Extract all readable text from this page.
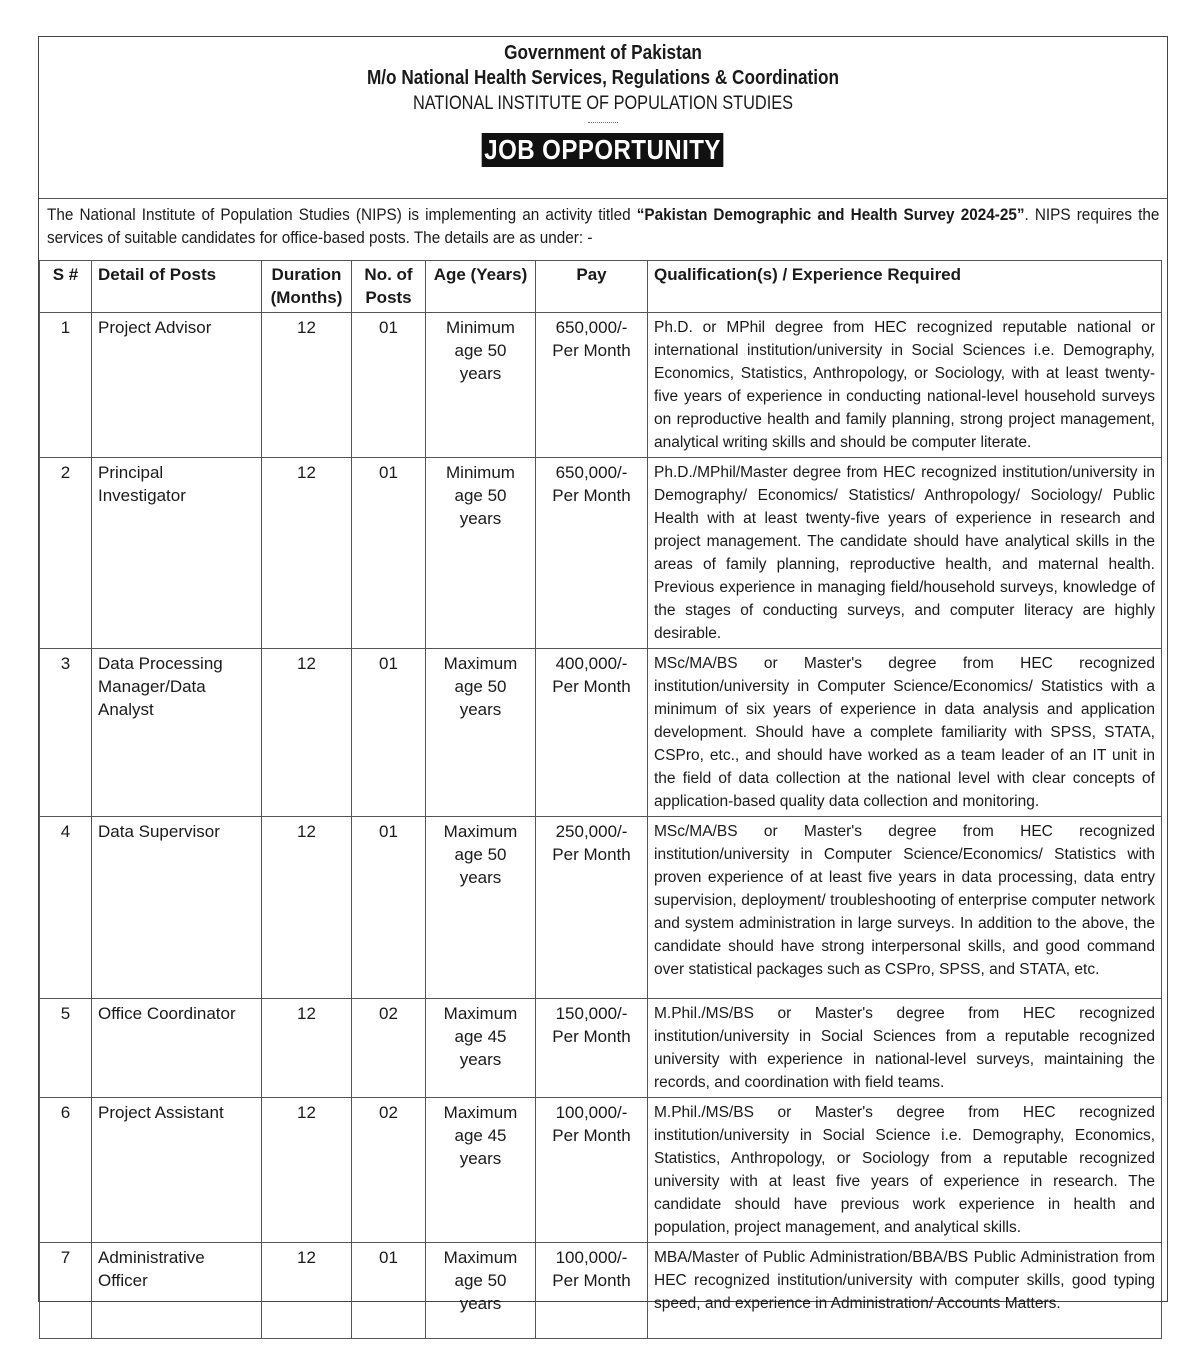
Government of Pakistan
M/o National Health Services, Regulations & Coordination
NATIONAL INSTITUTE OF POPULATION STUDIES
JOB OPPORTUNITY
The National Institute of Population Studies (NIPS) is implementing an activity titled “Pakistan Demographic and Health Survey 2024-25”. NIPS requires the services of suitable candidates for office-based posts. The details are as under: -
S #	Detail of Posts	Duration (Months)	No. of Posts	Age (Years)	Pay	Qualification(s) / Experience Required
1	Project Advisor	12	01	Minimum age 50 years	650,000/- Per Month	Ph.D. or MPhil degree from HEC recognized reputable national or international institution/university in Social Sciences i.e. Demography, Economics, Statistics, Anthropology, or Sociology, with at least twenty-five years of experience in conducting national-level household surveys on reproductive health and family planning, strong project management, analytical writing skills and should be computer literate.
2	Principal Investigator	12	01	Minimum age 50 years	650,000/- Per Month	Ph.D./MPhil/Master degree from HEC recognized institution/university in Demography/ Economics/ Statistics/ Anthropology/ Sociology/ Public Health with at least twenty-five years of experience in research and project management. The candidate should have analytical skills in the areas of family planning, reproductive health, and maternal health. Previous experience in managing field/household surveys, knowledge of the stages of conducting surveys, and computer literacy are highly desirable.
3	Data Processing Manager/Data Analyst	12	01	Maximum age 50 years	400,000/- Per Month	MSc/MA/BS or Master's degree from HEC recognized institution/university in Computer Science/Economics/ Statistics with a minimum of six years of experience in data analysis and application development. Should have a complete familiarity with SPSS, STATA, CSPro, etc., and should have worked as a team leader of an IT unit in the field of data collection at the national level with clear concepts of application-based quality data collection and monitoring.
4	Data Supervisor	12	01	Maximum age 50 years	250,000/- Per Month	MSc/MA/BS or Master's degree from HEC recognized institution/university in Computer Science/Economics/ Statistics with proven experience of at least five years in data processing, data entry supervision, deployment/ troubleshooting of enterprise computer network and system administration in large surveys. In addition to the above, the candidate should have strong interpersonal skills, and good command over statistical packages such as CSPro, SPSS, and STATA, etc.
5	Office Coordinator	12	02	Maximum age 45 years	150,000/- Per Month	M.Phil./MS/BS or Master's degree from HEC recognized institution/university in Social Sciences from a reputable recognized university with experience in national-level surveys, maintaining the records, and coordination with field teams.
6	Project Assistant	12	02	Maximum age 45 years	100,000/- Per Month	M.Phil./MS/BS or Master's degree from HEC recognized institution/university in Social Science i.e. Demography, Economics, Statistics, Anthropology, or Sociology from a reputable recognized university with at least five years of experience in research. The candidate should have previous work experience in health and population, project management, and analytical skills.
7	Administrative Officer	12	01	Maximum age 50 years	100,000/- Per Month	MBA/Master of Public Administration/BBA/BS Public Administration from HEC recognized institution/university with computer skills, good typing speed, and experience in Administration/ Accounts Matters.
